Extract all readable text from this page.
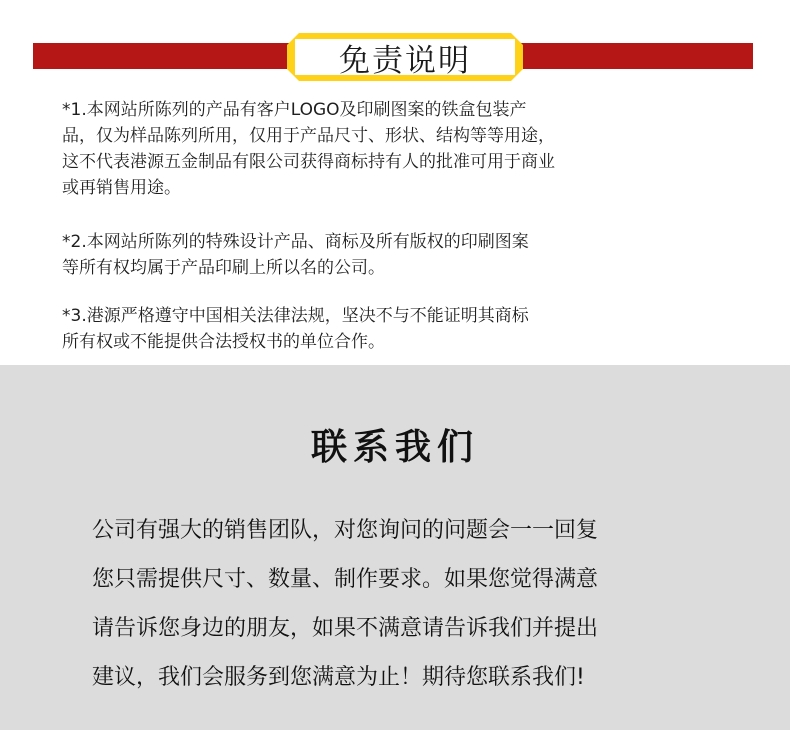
免责说明
*1.本网站所陈列的产品有客户LOGO及印刷图案的铁盒包装产
品，仅为样品陈列所用，仅用于产品尺寸、形状、结构等等用途，
这不代表港源五金制品有限公司获得商标持有人的批准可用于商业
或再销售用途。
*2.本网站所陈列的特殊设计产品、商标及所有版权的印刷图案
等所有权均属于产品印刷上所以名的公司。
*3.港源严格遵守中国相关法律法规，坚决不与不能证明其商标
所有权或不能提供合法授权书的单位合作。
联系我们
公司有强大的销售团队，对您询问的问题会一一回复
您只需提供尺寸、数量、制作要求。如果您觉得满意
请告诉您身边的朋友，如果不满意请告诉我们并提出
建议，我们会服务到您满意为止！期待您联系我们!
